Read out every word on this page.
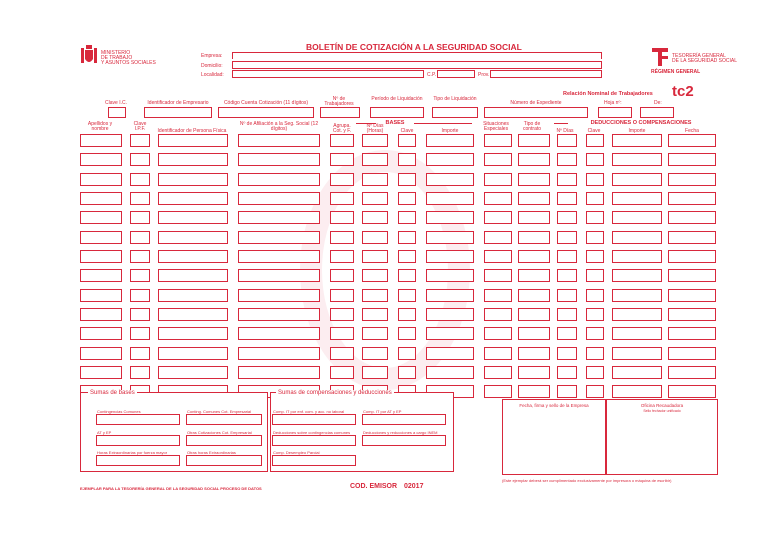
MINISTERIO
DE TRABAJO
Y ASUNTOS SOCIALES
BOLETÍN DE COTIZACIÓN A LA SEGURIDAD SOCIAL
Empresa:
Domicilio:
Localidad:	C.P.	Prov.
TESORERÍA GENERAL
DE LA SEGURIDAD SOCIAL
RÉGIMEN GENERAL
Relación Nominal de Trabajadores tc2
Hoja nº:	De:
Clave I.C.	Identificador de Empresario	Código Cuenta Cotización (11 dígitos)
Nº de Trabajadores
Período de Liquidación Tipo de Liquidación
Número de Expediente
BASES	DEDUCCIONES O COMPENSACIONES
Apellidos y nombre
Clave I.P.F.	Identificador de Persona Física
Nº de Afiliación a la Seg. Social (12 dígitos)	Agrupa. Cot. y F.
Nº Días (Horas)	Clave	Importe
Situaciones Especiales
Tipo de contrato	Nº Días	Clave	Importe	Fecha
Sumas de bases
Contingencias Comunes	Conting. Comunes Cot. Empresarial
AT y EP	Otras Cotizaciones Cot. Empresarial
Horas Extraordinarias por fuerza mayor	Otras horas Extraordinarias
Sumas de compensaciones y deducciones
Comp. IT por enf. com. y acc. no laboral	Comp. IT por AT y EP
Deducciones sobre contingencias comunes	Deducciones y reducciones a cargo INEM
Comp. Desempleo Parcial
Fecha, firma y sello de la Empresa	Oficina Recaudadora
Sello fechador unificado
EJEMPLAR PARA LA TESORERÍA GENERAL DE LA SEGURIDAD SOCIAL PROCESO DE DATOS	COD. EMISOR 02017
(Este ejemplar deberá ser cumplimentado exclusivamente por impresora o máquina de escribir)
